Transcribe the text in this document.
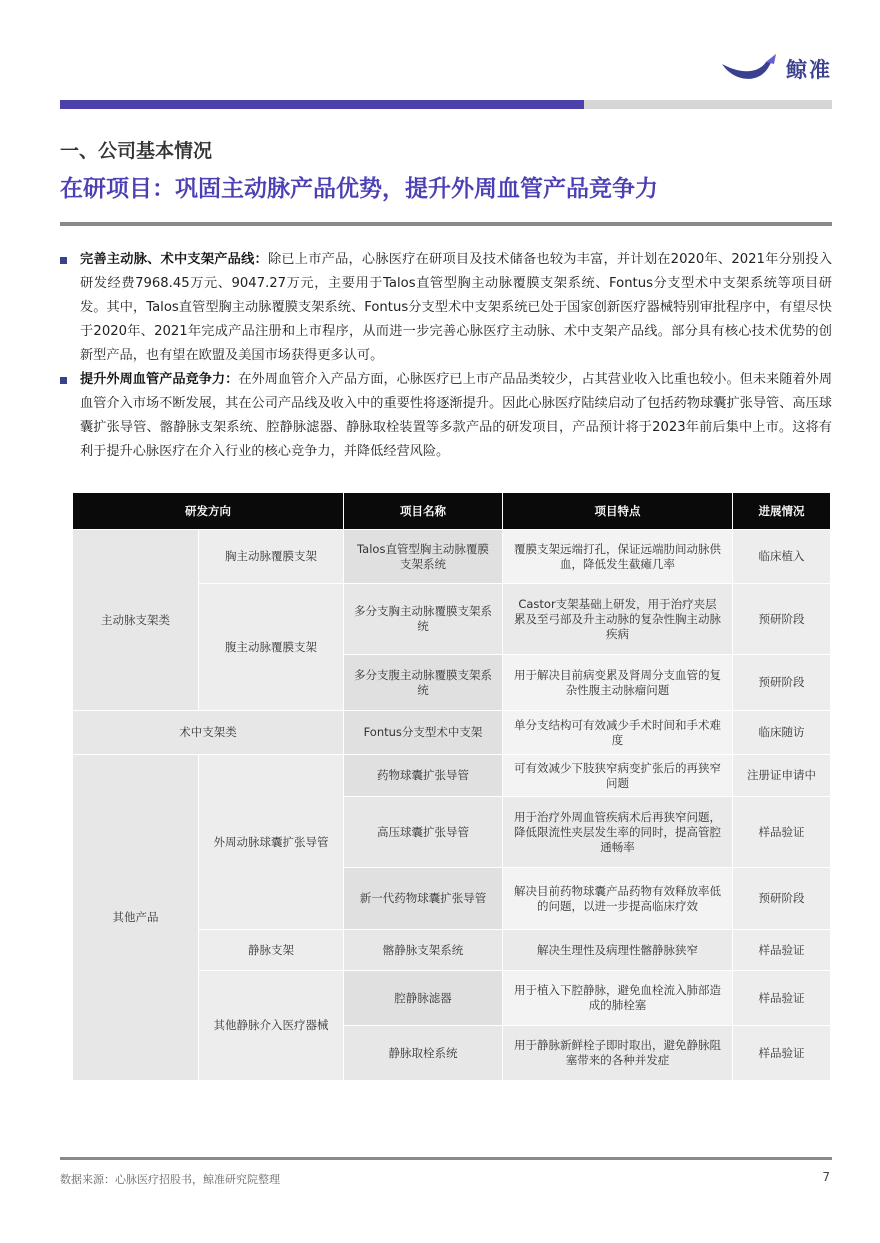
鲸准
一、公司基本情况
在研项目：巩固主动脉产品优势，提升外周血管产品竞争力
完善主动脉、术中支架产品线：除已上市产品，心脉医疗在研项目及技术储备也较为丰富，并计划在2020年、2021年分别投入研发经费7968.45万元、9047.27万元，主要用于Talos直管型胸主动脉覆膜支架系统、Fontus分支型术中支架系统等项目研发。其中，Talos直管型胸主动脉覆膜支架系统、Fontus分支型术中支架系统已处于国家创新医疗器械特别审批程序中，有望尽快于2020年、2021年完成产品注册和上市程序，从而进一步完善心脉医疗主动脉、术中支架产品线。部分具有核心技术优势的创新型产品，也有望在欧盟及美国市场获得更多认可。
提升外周血管产品竞争力：在外周血管介入产品方面，心脉医疗已上市产品品类较少，占其营业收入比重也较小。但未来随着外周血管介入市场不断发展，其在公司产品线及收入中的重要性将逐渐提升。因此心脉医疗陆续启动了包括药物球囊扩张导管、高压球囊扩张导管、髂静脉支架系统、腔静脉滤器、静脉取栓装置等多款产品的研发项目，产品预计将于2023年前后集中上市。这将有利于提升心脉医疗在介入行业的核心竞争力，并降低经营风险。
研发方向		项目名称	项目特点	进展情况
主动脉支架类	胸主动脉覆膜支架	Talos直管型胸主动脉覆膜支架系统	覆膜支架远端打孔，保证远端肋间动脉供血，降低发生截瘫几率	临床植入
	腹主动脉覆膜支架	多分支胸主动脉覆膜支架系统	Castor支架基础上研发，用于治疗夹层累及至弓部及升主动脉的复杂性胸主动脉疾病	预研阶段
		多分支腹主动脉覆膜支架系统	用于解决目前病变累及肾周分支血管的复杂性腹主动脉瘤问题	预研阶段
术中支架类		Fontus分支型术中支架	单分支结构可有效减少手术时间和手术难度	临床随访
其他产品	外周动脉球囊扩张导管	药物球囊扩张导管	可有效减少下肢狭窄病变扩张后的再狭窄问题	注册证申请中
		高压球囊扩张导管	用于治疗外周血管疾病术后再狭窄问题，降低限流性夹层发生率的同时，提高管腔通畅率	样品验证
		新一代药物球囊扩张导管	解决目前药物球囊产品药物有效释放率低的问题，以进一步提高临床疗效	预研阶段
	静脉支架	髂静脉支架系统	解决生理性及病理性髂静脉狭窄	样品验证
	其他静脉介入医疗器械	腔静脉滤器	用于植入下腔静脉，避免血栓流入肺部造成的肺栓塞	样品验证
		静脉取栓系统	用于静脉新鲜栓子即时取出，避免静脉阻塞带来的各种并发症	样品验证
数据来源：心脉医疗招股书，鲸准研究院整理	7
